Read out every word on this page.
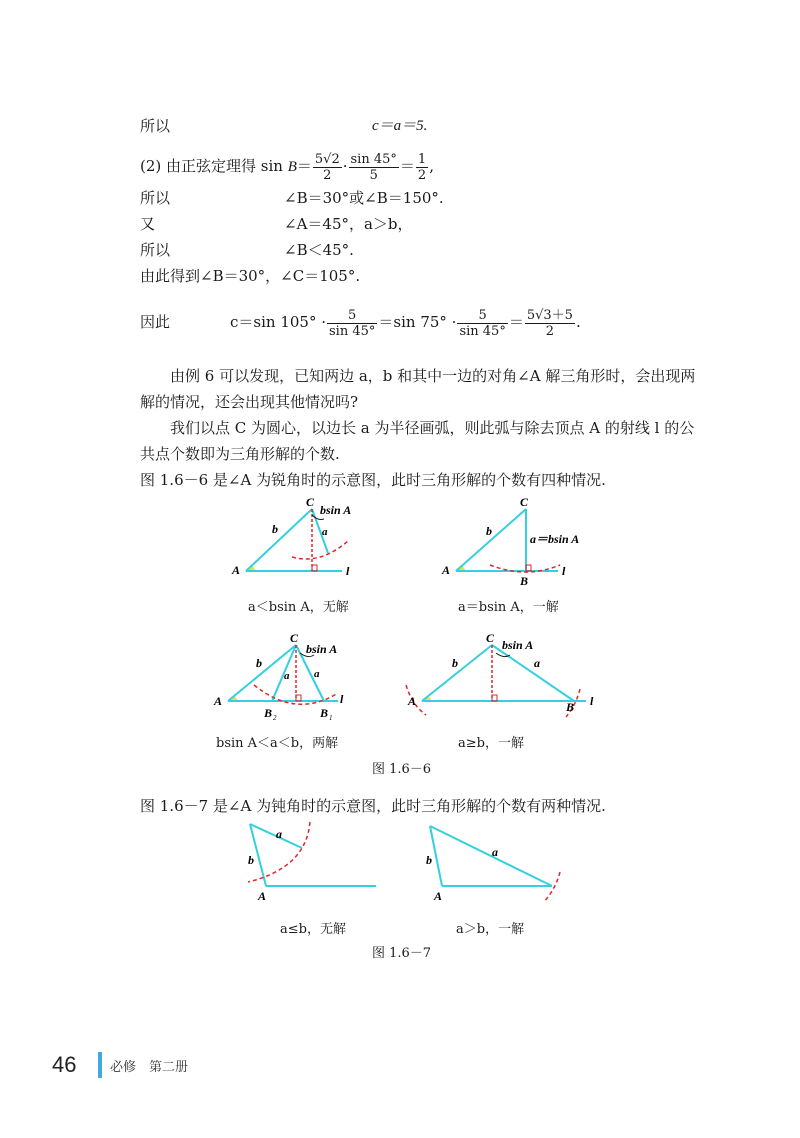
所以	c＝a＝5.
(2) 由正弦定理得 $\sin B= \frac{5√2}{2} \cdot \frac{\sin 45^\circ}{5} = \frac{1}{2}$ ,
所以	∠B＝30°或∠B＝150°.
又	∠A＝45°，a＞b，
所以	∠B＜45°.
由此得到∠B＝30°，∠C＝105°.
因此	c＝sin $105^\circ \cdot \frac{5}{\sin 45^\circ} =\sin$ $75^\circ \cdot \frac{5}{\sin 45^\circ} = \frac{5√3+5}{2}$ .
由例 6 可以发现，已知两边 a，b 和其中一边的对角∠A 解三角形时，会出现两
解的情况，还会出现其他情况吗?
我们以点 C 为圆心，以边长 a 为半径画弧，则此弧与除去顶点 A 的射线 l 的公
共点个数即为三角形解的个数.
图 1.6－6 是∠A 为锐角时的示意图，此时三角形解的个数有四种情况.
A
C
b	a
bsin A
l	A
C
b
a＝bsin A
B
l
A
C
b
a a
bsin A
l
B 2	B 1
A
C
b	a
bsin A
B l
a＜bsin A，无解	a＝bsin A，一解
bsin A＜a＜b，两解	a≥b，一解
图 1.6－6
图 1.6－7 是∠A 为钝角时的示意图，此时三角形解的个数有两种情况.
A
b
a
A
b
a
a≤b，无解	a＞b，一解
图 1.6－7
46	必修　第二册
